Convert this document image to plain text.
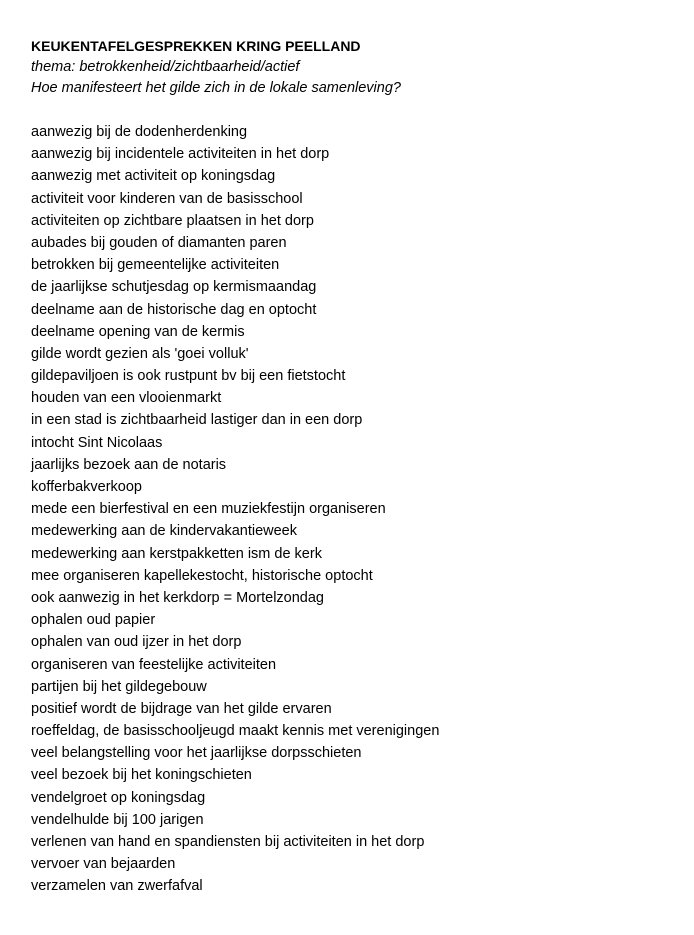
KEUKENTAFELGESPREKKEN KRING PEELLAND
thema: betrokkenheid/zichtbaarheid/actief
Hoe manifesteert het gilde zich in de lokale samenleving?
aanwezig bij de dodenherdenking
aanwezig bij incidentele activiteiten in het dorp
aanwezig met activiteit op koningsdag
activiteit voor kinderen van de basisschool
activiteiten op zichtbare plaatsen in het dorp
aubades bij gouden of diamanten paren
betrokken bij gemeentelijke activiteiten
de jaarlijkse schutjesdag op kermismaandag
deelname aan de historische dag en optocht
deelname opening van de kermis
gilde wordt gezien als 'goei volluk'
gildepaviljoen is ook rustpunt bv bij een fietstocht
houden van een vlooienmarkt
in een stad is zichtbaarheid lastiger dan in een dorp
intocht Sint Nicolaas
jaarlijks bezoek aan de notaris
kofferbakverkoop
mede een bierfestival en een muziekfestijn organiseren
medewerking aan de kindervakantieweek
medewerking aan kerstpakketten ism de kerk
mee organiseren kapellekestocht, historische optocht
ook aanwezig in het kerkdorp = Mortelzondag
ophalen oud papier
ophalen van oud ijzer in het dorp
organiseren van feestelijke activiteiten
partijen bij het gildegebouw
positief wordt de bijdrage van het gilde ervaren
roeffeldag, de basisschooljeugd maakt kennis met verenigingen
veel belangstelling voor het jaarlijkse dorpsschieten
veel bezoek bij het koningschieten
vendelgroet op koningsdag
vendelhulde bij 100 jarigen
verlenen van hand en spandiensten bij activiteiten in het dorp
vervoer van bejaarden
verzamelen van zwerfafval
